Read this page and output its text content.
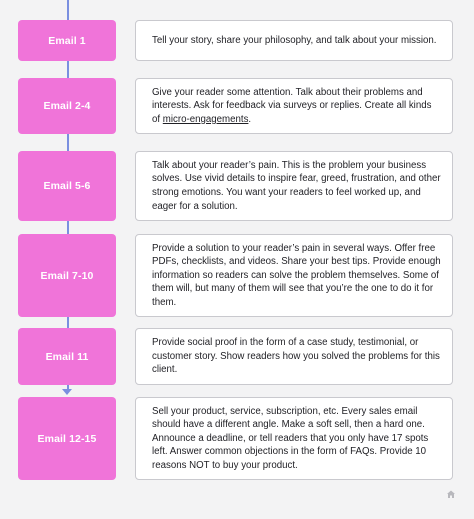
Email 1	Tell your story, share your philosophy, and talk about your mission.
Email 2-4
Give your reader some attention. Talk about their problems and interests. Ask for feedback via surveys or replies. Create all kinds of micro-engagements.
Email 5-6
Talk about your reader’s pain. This is the problem your business solves. Use vivid details to inspire fear, greed, frustration, and other strong emotions. You want your readers to feel worked up, and eager for a solution.
Email 7-10
Provide a solution to your reader’s pain in several ways. Offer free PDFs, checklists, and videos. Share your best tips. Provide enough information so readers can solve the problem themselves. Some of them will, but many of them will see that you’re the one to do it for them.
Email 11
Provide social proof in the form of a case study, testimonial, or customer story. Show readers how you solved the problems for this client.
Email 12-15
Sell your product, service, subscription, etc. Every sales email should have a different angle. Make a soft sell, then a hard one. Announce a deadline, or tell readers that you only have 17 spots left. Answer common objections in the form of FAQs. Provide 10 reasons NOT to buy your product.
